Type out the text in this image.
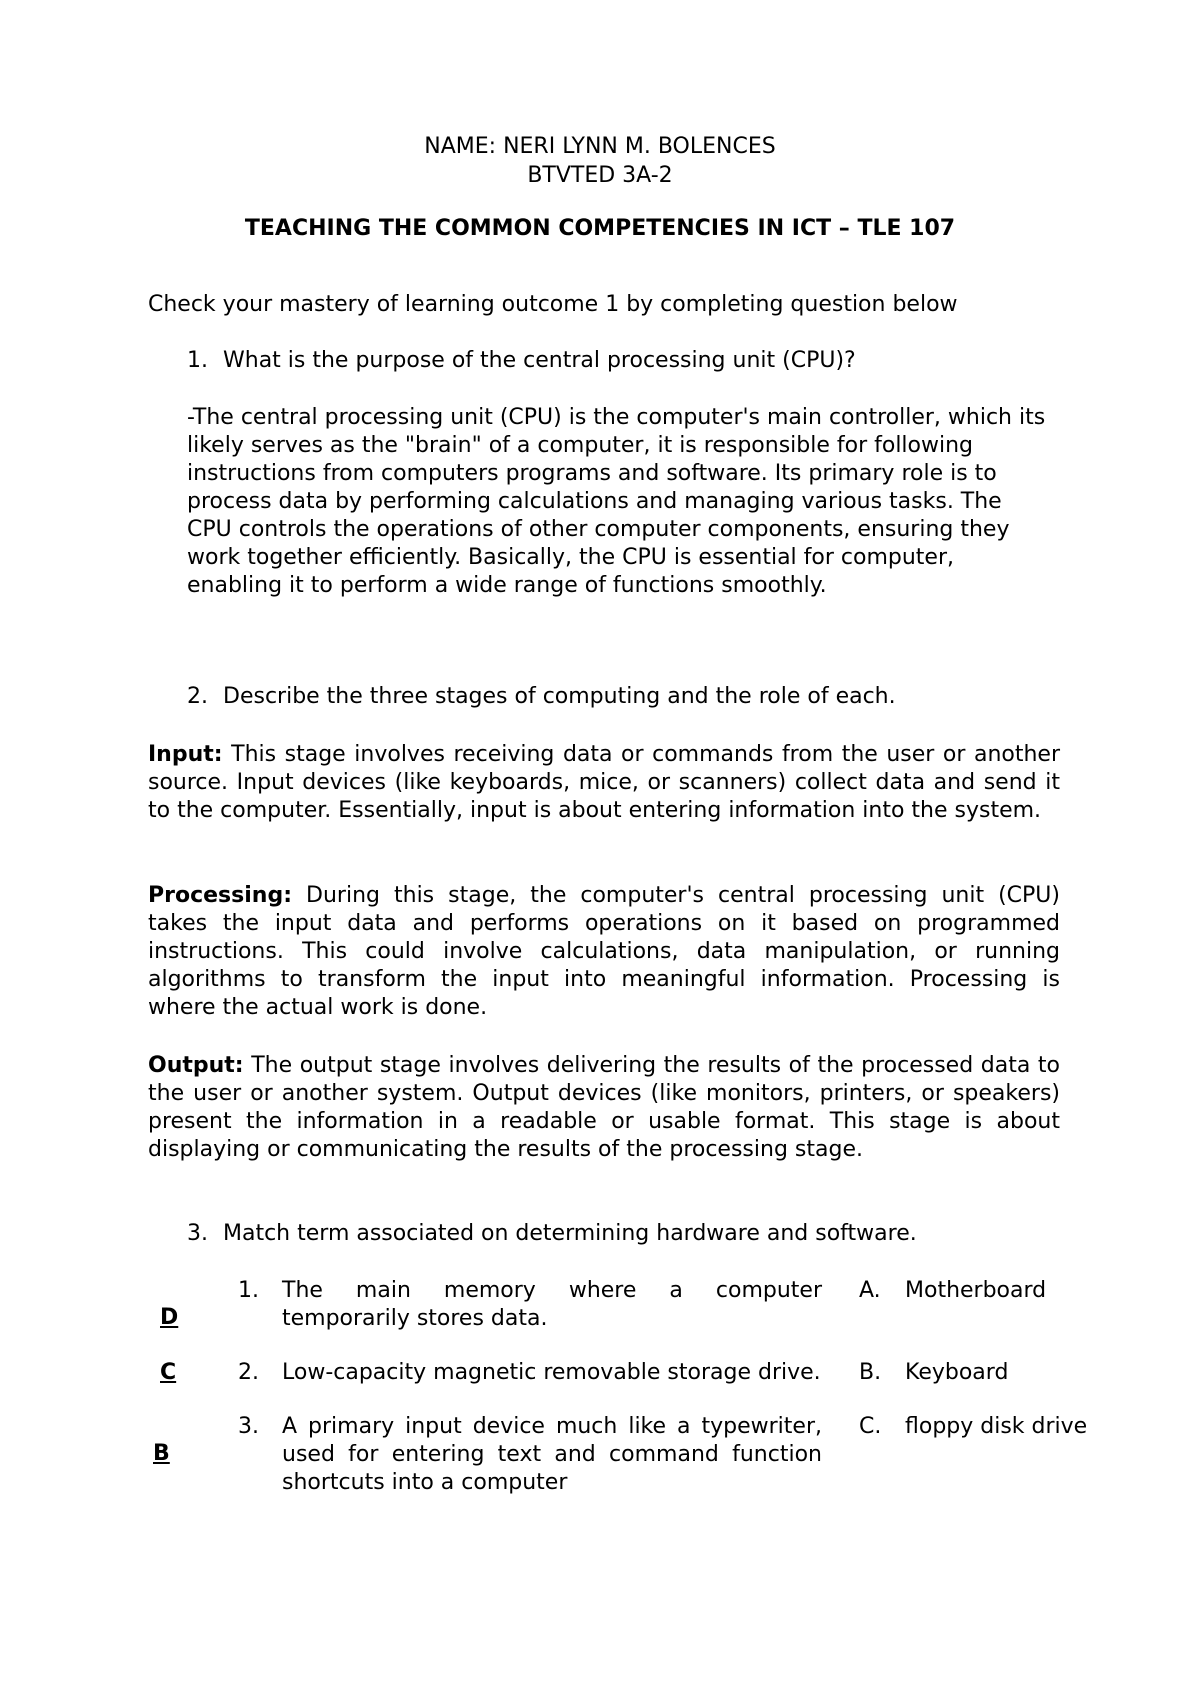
NAME: NERI LYNN M. BOLENCES
BTVTED 3A-2
TEACHING THE COMMON COMPETENCIES IN ICT – TLE 107
Check your mastery of learning outcome 1 by completing question below
1. What is the purpose of the central processing unit (CPU)?
-The central processing unit (CPU) is the computer's main controller, which its likely serves as the "brain" of a computer, it is responsible for following instructions from computers programs and software. Its primary role is to process data by performing calculations and managing various tasks. The CPU controls the operations of other computer components, ensuring they work together efficiently. Basically, the CPU is essential for computer, enabling it to perform a wide range of functions smoothly.
2. Describe the three stages of computing and the role of each.
Input: This stage involves receiving data or commands from the user or another source. Input devices (like keyboards, mice, or scanners) collect data and send it to the computer. Essentially, input is about entering information into the system.
Processing: During this stage, the computer's central processing unit (CPU) takes the input data and performs operations on it based on programmed instructions. This could involve calculations, data manipulation, or running algorithms to transform the input into meaningful information. Processing is where the actual work is done.
Output: The output stage involves delivering the results of the processed data to the user or another system. Output devices (like monitors, printers, or speakers) present the information in a readable or usable format. This stage is about displaying or communicating the results of the processing stage.
3. Match term associated on determining hardware and software.
D
1. The main memory where a computer temporarily stores data.
C	2. Low-capacity magnetic removable storage drive.
B
3. A primary input device much like a typewriter, used for entering text and command function shortcuts into a computer
A. Motherboard
B. Keyboard
C. floppy disk drive
